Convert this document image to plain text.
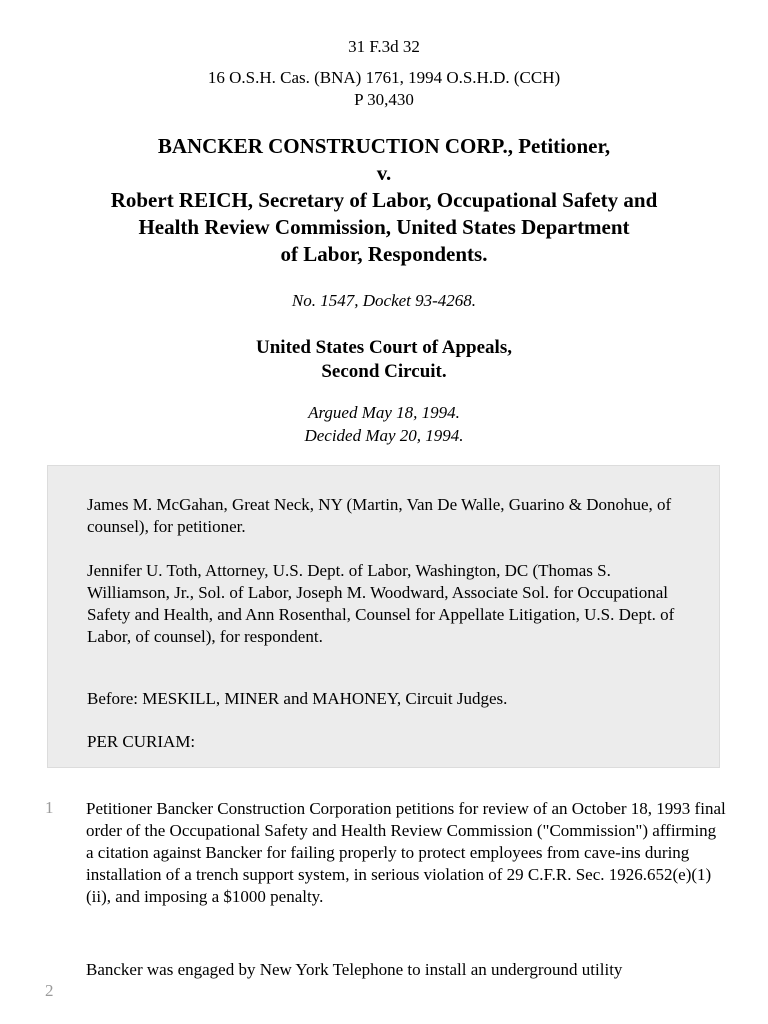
31 F.3d 32
16 O.S.H. Cas. (BNA) 1761, 1994 O.S.H.D. (CCH)
P 30,430
BANCKER CONSTRUCTION CORP., Petitioner,
v.
Robert REICH, Secretary of Labor, Occupational Safety and
Health Review Commission, United States Department
of Labor, Respondents.
No. 1547, Docket 93-4268.
United States Court of Appeals,
Second Circuit.
Argued May 18, 1994.
Decided May 20, 1994.

James M. McGahan, Great Neck, NY (Martin, Van De Walle, Guarino & Donohue, of counsel), for petitioner.

Jennifer U. Toth, Attorney, U.S. Dept. of Labor, Washington, DC (Thomas S. Williamson, Jr., Sol. of Labor, Joseph M. Woodward, Associate Sol. for Occupational Safety and Health, and Ann Rosenthal, Counsel for Appellate Litigation, U.S. Dept. of Labor, of counsel), for respondent.

Before: MESKILL, MINER and MAHONEY, Circuit Judges.

PER CURIAM:

1 Petitioner Bancker Construction Corporation petitions for review of an October 18, 1993 final order of the Occupational Safety and Health Review Commission ("Commission") affirming a citation against Bancker for failing properly to protect employees from cave-ins during installation of a trench support system, in serious violation of 29 C.F.R. Sec. 1926.652(e)(1)(ii), and imposing a $1000 penalty.

2

Bancker was engaged by New York Telephone to install an underground utility
